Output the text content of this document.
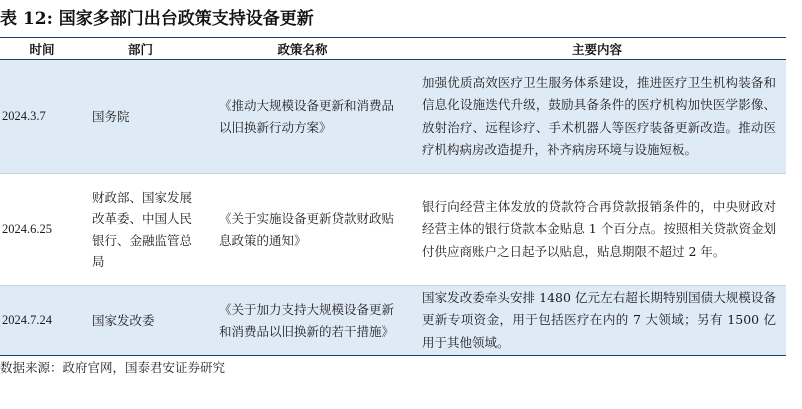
表 12: 国家多部门出台政策支持设备更新
时间	部门	政策名称	主要内容
2024.3.7	国务院	《推动大规模设备更新和消费品以旧换新行动方案》	加强优质高效医疗卫生服务体系建设，推进医疗卫生机构装备和信息化设施迭代升级，鼓励具备条件的医疗机构加快医学影像、放射治疗、远程诊疗、手术机器人等医疗装备更新改造。推动医疗机构病房改造提升，补齐病房环境与设施短板。
2024.6.25	财政部、国家发展改革委、中国人民银行、金融监管总局	《关于实施设备更新贷款财政贴息政策的通知》	银行向经营主体发放的贷款符合再贷款报销条件的，中央财政对经营主体的银行贷款本金贴息 1 个百分点。按照相关贷款资金划付供应商账户之日起予以贴息，贴息期限不超过 2 年。
2024.7.24	国家发改委	《关于加力支持大规模设备更新和消费品以旧换新的若干措施》	国家发改委牵头安排 1480 亿元左右超长期特别国债大规模设备更新专项资金，用于包括医疗在内的 7 大领域；另有 1500 亿用于其他领域。
数据来源：政府官网，国泰君安证券研究
